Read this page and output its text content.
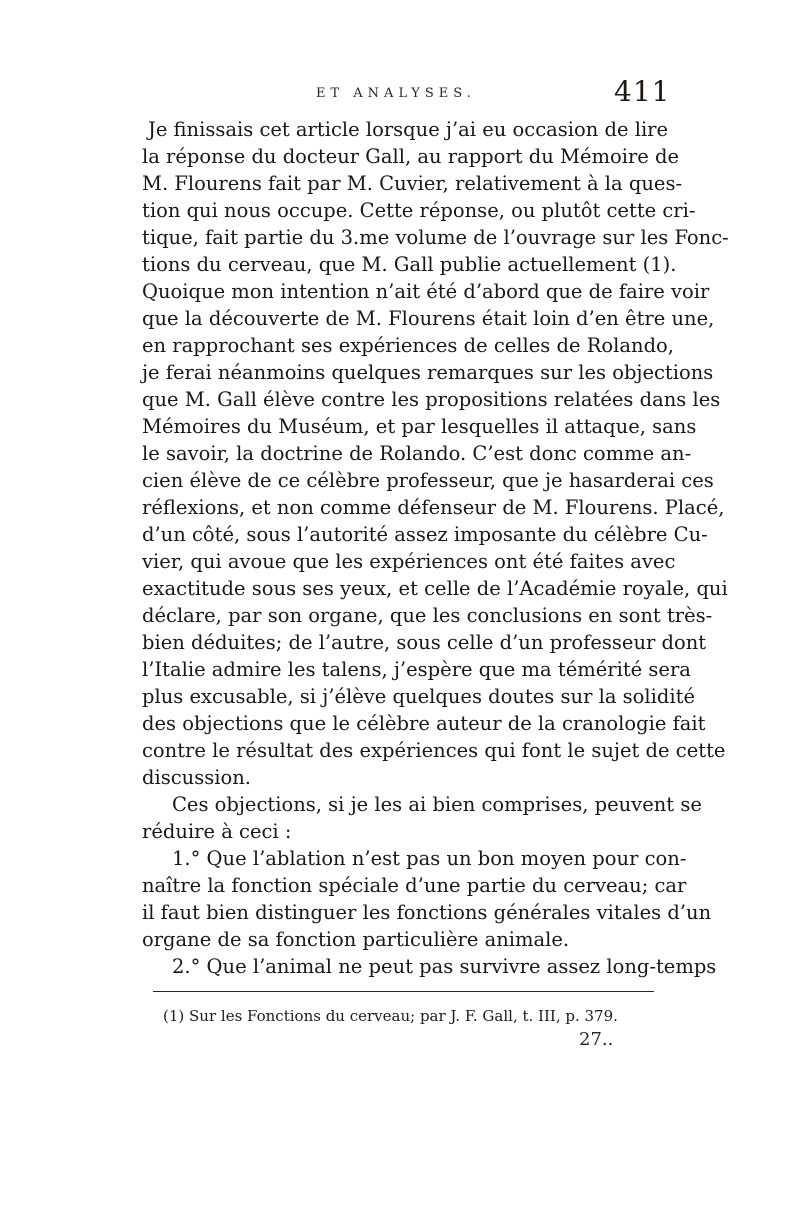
ET ANALYSES.	411
Je finissais cet article lorsque j’ai eu occasion de lire
la réponse du docteur Gall, au rapport du Mémoire de
M. Flourens fait par M. Cuvier, relativement à la ques-
tion qui nous occupe. Cette réponse, ou plutôt cette cri-
tique, fait partie du 3.me volume de l’ouvrage sur les Fonc-
tions du cerveau, que M. Gall publie actuellement (1).
Quoique mon intention n’ait été d’abord que de faire voir
que la découverte de M. Flourens était loin d’en être une,
en rapprochant ses expériences de celles de Rolando,
je ferai néanmoins quelques remarques sur les objections
que M. Gall élève contre les propositions relatées dans les
Mémoires du Muséum, et par lesquelles il attaque, sans
le savoir, la doctrine de Rolando. C’est donc comme an-
cien élève de ce célèbre professeur, que je hasarderai ces
réflexions, et non comme défenseur de M. Flourens. Placé,
d’un côté, sous l’autorité assez imposante du célèbre Cu-
vier, qui avoue que les expériences ont été faites avec
exactitude sous ses yeux, et celle de l’Académie royale, qui
déclare, par son organe, que les conclusions en sont très-
bien déduites; de l’autre, sous celle d’un professeur dont
l’Italie admire les talens, j’espère que ma témérité sera
plus excusable, si j’élève quelques doutes sur la solidité
des objections que le célèbre auteur de la cranologie fait
contre le résultat des expériences qui font le sujet de cette
discussion.
Ces objections, si je les ai bien comprises, peuvent se
réduire à ceci :
1.° Que l’ablation n’est pas un bon moyen pour con-
naître la fonction spéciale d’une partie du cerveau; car
il faut bien distinguer les fonctions générales vitales d’un
organe de sa fonction particulière animale.
2.° Que l’animal ne peut pas survivre assez long-temps
(1) Sur les Fonctions du cerveau; par J. F. Gall, t. III, p. 379.
27..
